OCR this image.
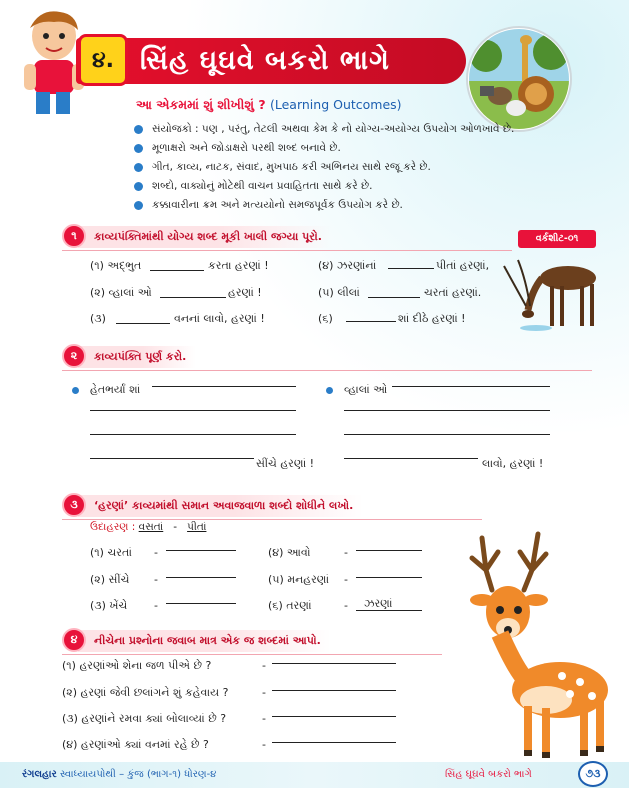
૪. સિંહ ઘૂઘવે બકરો ભાગે
આ એકમમાં શું શીખીશું ? (Learning Outcomes)
સંયોજકો : પણ , પરંતુ, તેટલી અથવા કેમ કે નો યોગ્ય-અયોગ્ય ઉપયોગ ઓળખાવે છે.
મૂળાક્ષરો અને જોડાક્ષરો પરથી શબ્દ બનાવે છે.
ગીત, કાવ્ય, નાટક, સંવાદ, મુખપાઠ કરી અભિનય સાથે રજૂ કરે છે.
શબ્દો, વાક્યોનું મોટેથી વાચન પ્રવાહિતતા સાથે કરે છે.
કક્કાવારીના ક્રમ અને મત્યયોનો સમજપૂર્વક ઉપયોગ કરે છે.
કાવ્યપંક્તિમાંથી યોગ્ય શબ્દ મૂકી ખાલી જગ્યા પૂરો.
૧	વર્કશીટ-૦૧
(૧) અદ્ભુત	કરતા હરણાં !
(૨) વ્હાલાં ઓ	હરણાં !
(૩)	વનનાં લાવો, હરણાં !
(૪) ઝરણાંનાં	પીતાં હરણાં,
(૫) લીલાં	ચરતાં હરણાં.
(૬)	શાં દીઠે હરણાં !
કાવ્યપંક્તિ પૂર્ણ કરો.
૨
હેતભર્યાં શાં
સીંચે હરણાં !
વ્હાલાં ઓ
લાવો, હરણાં !
‘હરણાં’ કાવ્યમાંથી સમાન અવાજવાળા શબ્દો શોધીને લખો.
૩
ઉદાહરણ : વસતાં - પીતાં
(૧) ચરતાં -
(૨) સીંચે -
(૩) ખેંચે -
(૪) આવો	-
(૫) મનહરણાં -
(૬) તરણાં	- ઝરણાં
નીચેના પ્રશ્નોના જવાબ માત્ર એક જ શબ્દમાં આપો.
૪
(૧) હરણાંઓ શેના જળ પીએ છે ?	-
(૨) હરણાં જેવી છલાંગને શું કહેવાય ?	-
(૩) હરણાંને રમવા ક્યાં બોલાવ્યાં છે ?	-
(૪) હરણાંઓ ક્યાં વનમાં રહે છે ?	-
રંગલહાર સ્વાધ્યાયપોથી – કુંજ (ભાગ-૧) ધોરણ-૪	સિંહ ઘૂઘવે બકરો ભાગે	૭૩
